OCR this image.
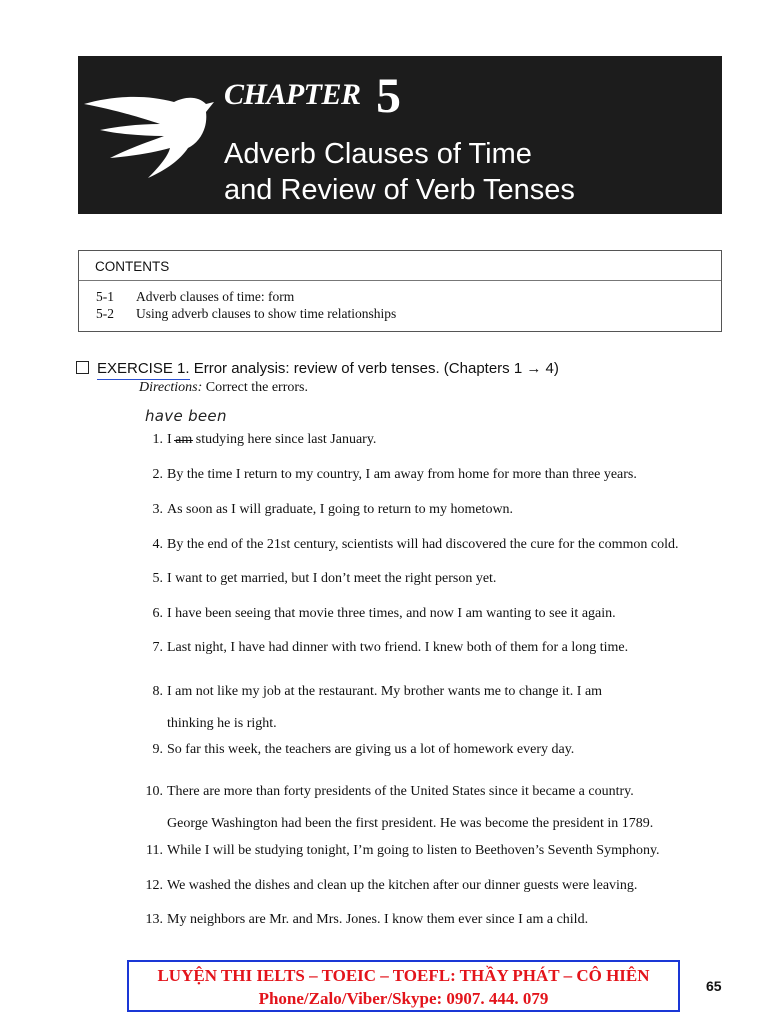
CHAPTER 5
Adverb Clauses of Time
and Review of Verb Tenses
CONTENTS
5-1	Adverb clauses of time: form
5-2	Using adverb clauses to show time relationships
EXERCISE 1. Error analysis: review of verb tenses. (Chapters 1 → 4)
Directions: Correct the errors.
have been
1. I am studying here since last January.
2. By the time I return to my country, I am away from home for more than three years.
3. As soon as I will graduate, I going to return to my hometown.
4. By the end of the 21st century, scientists will had discovered the cure for the common cold.
5. I want to get married, but I don’t meet the right person yet.
6. I have been seeing that movie three times, and now I am wanting to see it again.
7. Last night, I have had dinner with two friend. I knew both of them for a long time.
8. I am not like my job at the restaurant. My brother wants me to change it. I am
thinking he is right.
9. So far this week, the teachers are giving us a lot of homework every day.
10. There are more than forty presidents of the United States since it became a country.
George Washington had been the first president. He was become the president in 1789.
11. While I will be studying tonight, I’m going to listen to Beethoven’s Seventh Symphony.
12. We washed the dishes and clean up the kitchen after our dinner guests were leaving.
13. My neighbors are Mr. and Mrs. Jones. I know them ever since I am a child.
LUYỆN THI IELTS – TOEIC – TOEFL: THẦY PHÁT – CÔ HIÊN
Phone/Zalo/Viber/Skype: 0907. 444. 079
65
